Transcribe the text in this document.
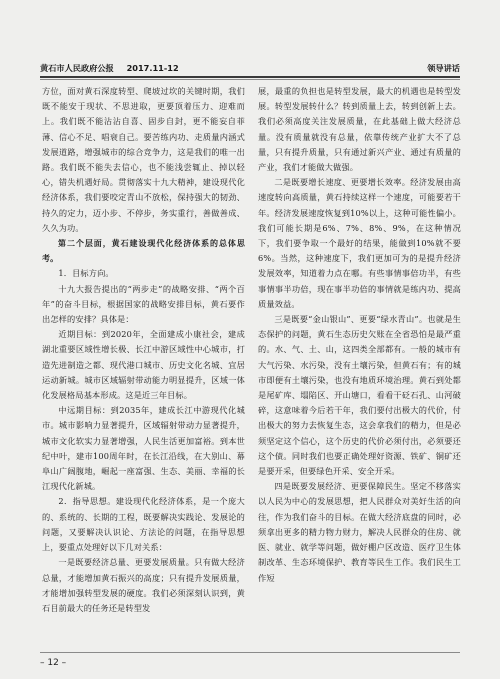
黄石市人民政府公报 2017.11-12	领导讲话

方位，面对黄石深度转型、爬坡过坎的关键时期，我们既不能安于现状、不思进取，更要顶着压力、迎难而上。我们既不能沾沾自喜、固步自封，更不能妄自菲薄、信心不足、唱衰自己。要苦练内功、走质量内涵式发展道路，增强城市的综合竞争力，这是我们的唯一出路。我们既不能失去信心，也不能浅尝辄止、掉以轻心，错失机遇好局。贯彻落实十九大精神，建设现代化经济体系，我们要咬定青山不放松，保持强大的韧劲、持久的定力，迈小步、不停步，务实重行，善做善成、久久为功。

第二个层面，黄石建设现代化经济体系的总体思考。

1．目标方向。

十九大报告提出的“两步走”的战略安排、“两个百年”的奋斗目标，根据国家的战略安排目标，黄石要作出怎样的安排？具体是：

近期目标：到2020年，全面建成小康社会，建成湖北重要区域性增长极、长江中游区域性中心城市，打造先进制造之都、现代港口城市、历史文化名城、宜居运动新城。城市区域辐射带动能力明显提升，区域一体化发展格局基本形成。这是近三年目标。

中远期目标：到2035年，建成长江中游现代化城市。城市影响力显著提升，区域辐射带动力显著提升，城市文化软实力显著增强，人民生活更加富裕。到本世纪中叶，建市100周年时，在长江沿线，在大别山、幕阜山广阔腹地，崛起一座富强、生态、美丽、幸福的长江现代化新城。

2．指导思想。建设现代化经济体系，是一个庞大的、系统的、长期的工程，既要解决实践论、发展论的问题，又要解决认识论、方法论的问题，在指导思想上，要重点处理好以下几对关系：

一是既要经济总量、更要发展质量。只有做大经济总量，才能增加黄石振兴的高度；只有提升发展质量，才能增加强转型发展的硬度。我们必须深刻认识到，黄石目前最大的任务还是转型发

展，最重的负担也是转型发展，最大的机遇也是转型发展。转型发展转什么？转到质量上去，转到创新上去。我们必须高度关注发展质量，在此基础上做大经济总量。没有质量就没有总量，依靠传统产业扩大不了总量，只有提升质量，只有通过新兴产业、通过有质量的产业，我们才能做大做强。

二是既要增长速度、更要增长效率。经济发展由高速度转向高质量，黄石持续这样一个速度，可能要若干年。经济发展速度恢复到10%以上，这种可能性偏小。我们可能长期是6%、7%、8%、9%，在这种情况下，我们要争取一个最好的结果，能做到10%就不要6%。当然，这种速度下，我们更加可为的是提升经济发展效率，知道着力点在哪。有些事情事倍功半，有些事情事半功倍，现在事半功倍的事情就是练内功、提高质量效益。

三是既要“金山银山”、更要“绿水青山”。也就是生态保护的问题，黄石生态历史欠账在全省恐怕是最严重的。水、气、土、山，这四类全部都有。一般的城市有大气污染、水污染，没有土壤污染，但黄石有；有的城市即便有土壤污染，也没有地质环境治理。黄石到处都是尾矿库、塌陷区、开山塘口，看看干砭石孔、山河破碎，这意味着今后若干年，我们要付出极大的代价，付出极大的努力去恢复生态，这会拿我们的精力，但是必须坚定这个信心，这个历史的代价必须付出，必须要还这个债。同时我们也要正确处理好资源、铁矿、铜矿还是要开采，但要绿色开采、安全开采。

四是既要发展经济、更要保障民生。坚定不移落实以人民为中心的发展思想，把人民群众对美好生活的向往，作为我们奋斗的目标。在做大经济底盘的同时，必须拿出更多的精力物力财力，解决人民群众的住房、就医、就业、就学等问题，做好棚户区改造、医疗卫生体制改革、生态环境保护、教育等民生工作。我们民生工作短

– 12 –
